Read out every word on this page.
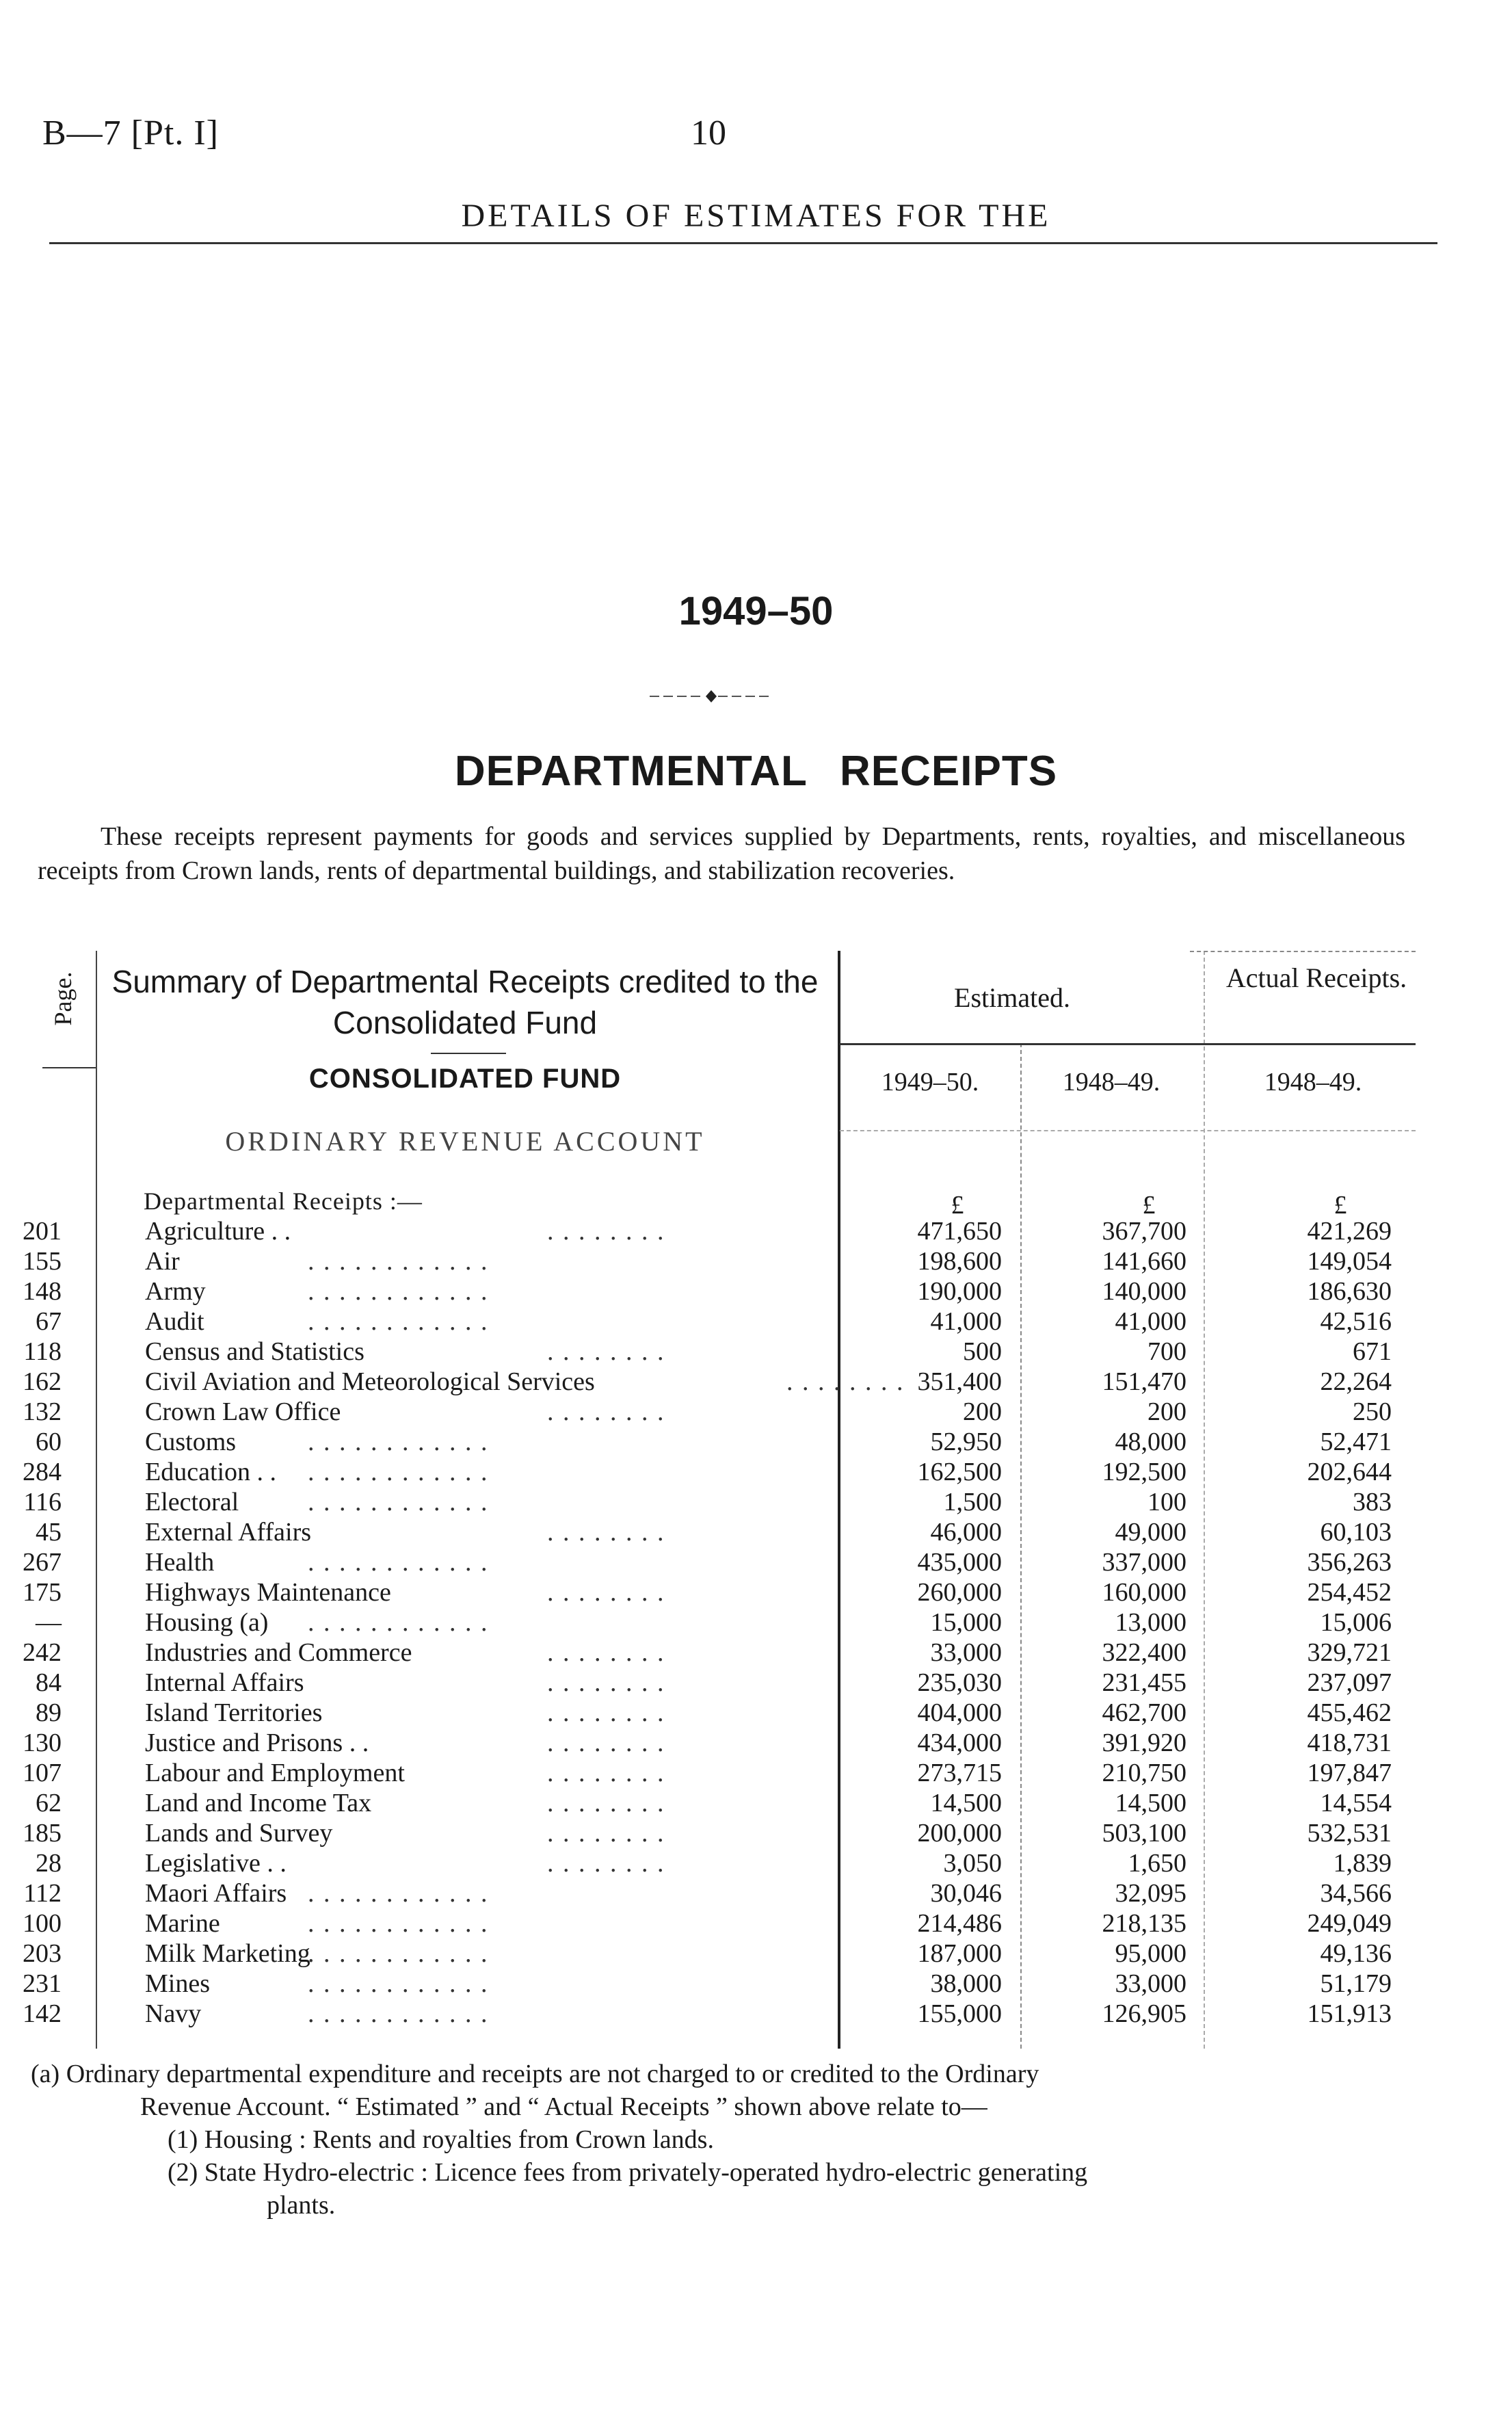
B—7 [Pt. I]	10
DETAILS OF ESTIMATES FOR THE
1949–50
DEPARTMENTAL RECEIPTS
These receipts represent payments for goods and services supplied by Departments, rents, royalties, and miscellaneous receipts from Crown lands, rents of departmental buildings, and stabilization recoveries.
Page. Summary of Departmental Receipts credited to the Consolidated Fund
Estimated.
Actual Receipts.
CONSOLIDATED FUND	1949–50.	1948–49.	1948–49.
ORDINARY REVENUE ACCOUNT
Departmental Receipts :—	£	£	£
201	Agriculture . .	471,650	367,700	421,269
. . . . . . . .
155	Air	198,600	141,660	149,054
. . . . . . . . . . . .
148	Army	190,000	140,000	186,630
. . . . . . . . . . . .
67	Audit	41,000	41,000	42,516
. . . . . . . . . . . .
118	Census and Statistics	500	700	671
. . . . . . . .
162	Civil Aviation and Meteorological Services	351,400	151,470	22,264
. . . . . . . .
132	Crown Law Office	200	200	250
. . . . . . . .
60	Customs	52,950	48,000	52,471
. . . . . . . . . . . .
284	Education . .	162,500	192,500	202,644
. . . . . . . . . . . .
116	Electoral	1,500	100	383
. . . . . . . . . . . .
45	External Affairs	46,000	49,000	60,103
. . . . . . . .
267	Health	435,000	337,000	356,263
. . . . . . . . . . . .
175	Highways Maintenance	260,000	160,000	254,452
. . . . . . . .
—	Housing (a)	15,000	13,000	15,006
. . . . . . . . . . . .
242	Industries and Commerce	33,000	322,400	329,721
. . . . . . . .
84	Internal Affairs	235,030	231,455	237,097
. . . . . . . .
89	Island Territories	404,000	462,700	455,462
. . . . . . . .
130	Justice and Prisons . .	434,000	391,920	418,731
. . . . . . . .
107	Labour and Employment	273,715	210,750	197,847
. . . . . . . .
62	Land and Income Tax	14,500	14,500	14,554
. . . . . . . .
185	Lands and Survey	200,000	503,100	532,531
. . . . . . . .
28	Legislative . .	3,050	1,650	1,839
. . . . . . . .
112	Maori Affairs	30,046	32,095	34,566
. . . . . . . . . . . .
100	Marine	214,486	218,135	249,049
. . . . . . . . . . . .
203	Milk Marketing	187,000	95,000	49,136
. . . . . . . . . . . .
231	Mines	38,000	33,000	51,179
. . . . . . . . . . . .
142	Navy	155,000	126,905	151,913
. . . . . . . . . . . .

(a) Ordinary departmental expenditure and receipts are not charged to or credited to the Ordinary

Revenue Account. “ Estimated ” and “ Actual Receipts ” shown above relate to—

(1) Housing : Rents and royalties from Crown lands.

(2) State Hydro-electric : Licence fees from privately-operated hydro-electric generating

plants.
